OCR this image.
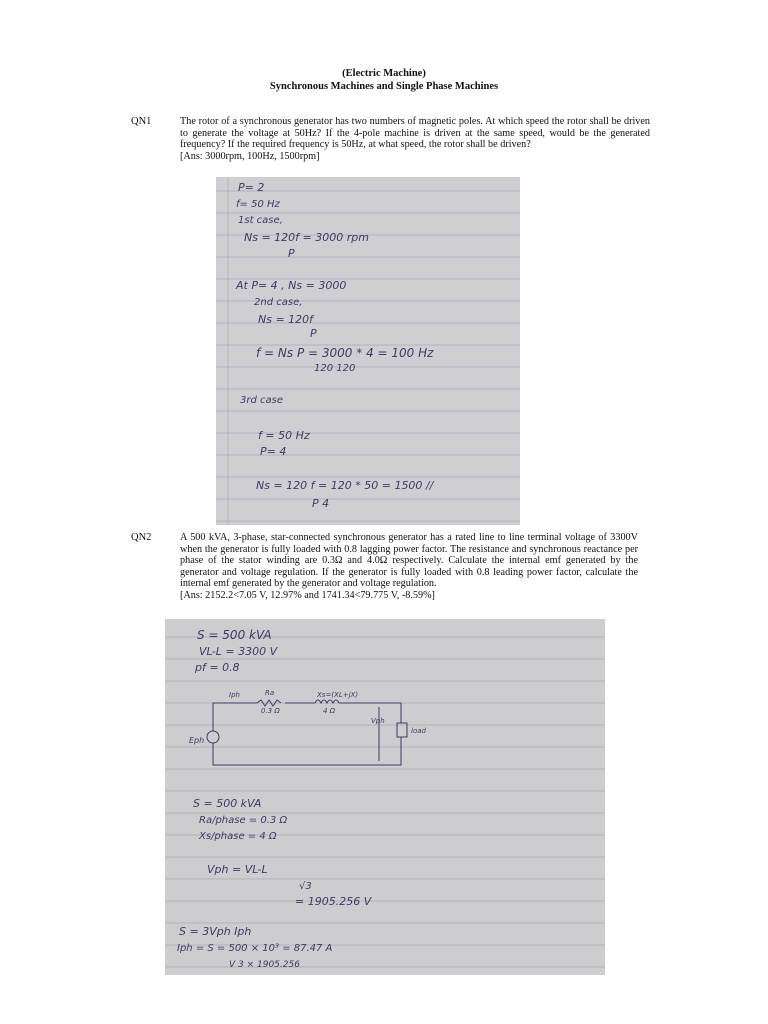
(Electric Machine)
Synchronous Machines and Single Phase Machines
QN1	The rotor of a synchronous generator has two numbers of magnetic poles. At which speed the rotor shall be driven to generate the voltage at 50Hz? If the 4-pole machine is driven at the same speed, would be the generated frequency? If the required frequency is 50Hz, at what speed, the rotor shall be driven?
[Ans: 3000rpm, 100Hz, 1500rpm]
P= 2
f= 50 Hz
1st case,
Ns = 120f = 3000 rpm
P
At P= 4 , Ns = 3000
2nd case,
Ns = 120f
P
f = Ns P = 3000 * 4 = 100 Hz
120 120
3rd case
f = 50 Hz
P= 4
Ns = 120 f = 120 * 50 = 1500 //
P 4
QN2	A 500 kVA, 3-phase, star-connected synchronous generator has a rated line to line terminal voltage of 3300V when the generator is fully loaded with 0.8 lagging power factor. The resistance and synchronous reactance per phase of the stator winding are 0.3Ω and 4.0Ω respectively. Calculate the internal emf generated by the generator and voltage regulation. If the generator is fully loaded with 0.8 leading power factor, calculate the internal emf generated by the generator and voltage regulation.
[Ans: 2152.2<7.05 V, 12.97% and 1741.34<79.775 V, -8.59%]
S = 500 kVA
VL-L = 3300 V
pf = 0.8
Iph	Ra	Xs=(XL+jX)
0.3 Ω	4 Ω
Vph
load
Eph
S = 500 kVA
Ra/phase = 0.3 Ω
Xs/phase = 4 Ω
Vph = VL-L
√3
= 1905.256 V
S = 3Vph Iph
Iph = S = 500 × 10³ = 87.47 A
V 3 × 1905.256
